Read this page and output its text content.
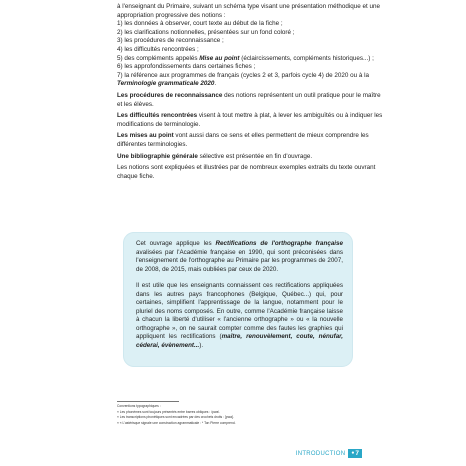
à l'enseignant du Primaire, suivant un schéma type visant une présentation méthodique et une appropriation progressive des notions :

1) les données à observer, court texte au début de la fiche ;

2) les clarifications notionnelles, présentées sur un fond coloré ;

3) les procédures de reconnaissance ;

4) les difficultés rencontrées ;

5) des compléments appelés Mise au point (éclaircissements, compléments historiques...) ;

6) les approfondissements dans certaines fiches ;

7) la référence aux programmes de français (cycles 2 et 3, parfois cycle 4) de 2020 ou à la Terminologie grammaticale 2020.

Les procédures de reconnaissance des notions représentent un outil pratique pour le maître et les élèves.

Les difficultés rencontrées visent à tout mettre à plat, à lever les ambiguïtés ou à indiquer les modifications de terminologie.

Les mises au point vont aussi dans ce sens et elles permettent de mieux comprendre les différentes terminologies.

Une bibliographie générale sélective est présentée en fin d'ouvrage.

Les notions sont expliquées et illustrées par de nombreux exemples extraits du texte ouvrant chaque fiche.

Cet ouvrage applique les Rectifications de l'orthographe française avalisées par l'Académie française en 1990, qui sont préconisées dans l'enseignement de l'orthographe au Primaire par les programmes de 2007, de 2008, de 2015, mais oubliées par ceux de 2020.

Il est utile que les enseignants connaissent ces rectifications appliquées dans les autres pays francophones (Belgique, Québec...) qui, pour certaines, simplifient l'apprentissage de la langue, notamment pour le pluriel des noms composés. En outre, comme l'Académie française laisse à chacun la liberté d'utiliser « l'ancienne orthographe » ou « la nouvelle orthographe », on ne saurait compter comme des fautes les graphies qui appliquent les rectifications (maître, renouvèlement, coute, nénufar, céderai, évènement...).

Conventions typographiques :

« Les phonèmes sont toujours présentés entre barres obliques : /pwa/.

« Les transcriptions phonétiques sont encadrées par des crochets droits : [pwa].

« « L'astérisque signale une construction agrammaticale : * Ton Pierre comprend.

INTRODUCTION ● 7
